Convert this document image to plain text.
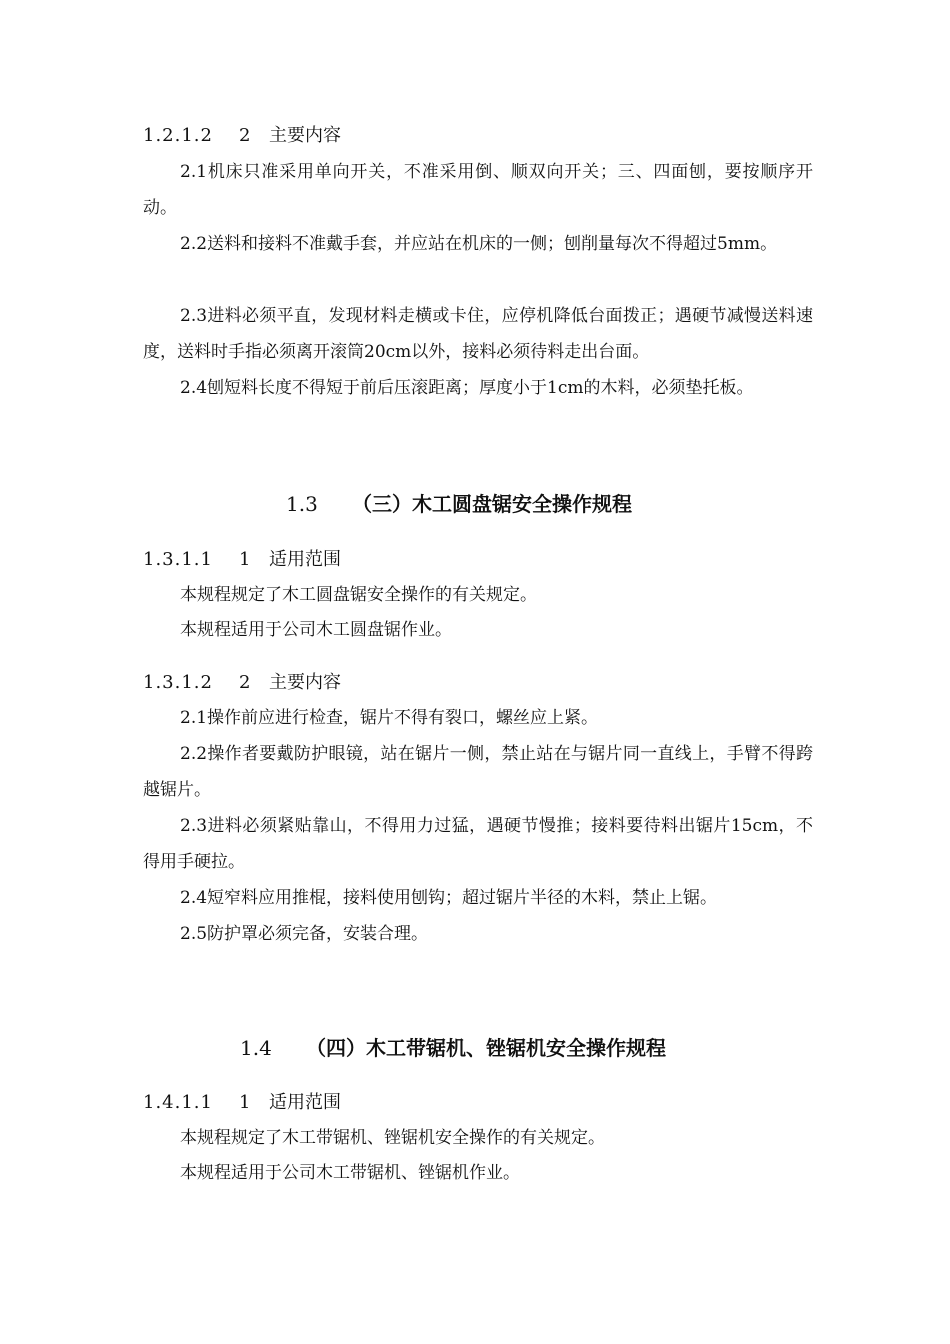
1.2.1.2 2 主要内容
2.1机床只准采用单向开关，不准采用倒、顺双向开关；三、四面刨，要按顺序开动。
2.2送料和接料不准戴手套，并应站在机床的一侧；刨削量每次不得超过5mm。
2.3进料必须平直，发现材料走横或卡住，应停机降低台面拨正；遇硬节减慢送料速度，送料时手指必须离开滚筒20cm以外，接料必须待料走出台面。
2.4刨短料长度不得短于前后压滚距离；厚度小于1cm的木料，必须垫托板。
1.3 （三）木工圆盘锯安全操作规程
1.3.1.1 1 适用范围
本规程规定了木工圆盘锯安全操作的有关规定。
本规程适用于公司木工圆盘锯作业。
1.3.1.2 2 主要内容
2.1操作前应进行检查，锯片不得有裂口，螺丝应上紧。
2.2操作者要戴防护眼镜，站在锯片一侧，禁止站在与锯片同一直线上，手臂不得跨越锯片。
2.3进料必须紧贴靠山，不得用力过猛，遇硬节慢推；接料要待料出锯片15cm，不得用手硬拉。
2.4短窄料应用推棍，接料使用刨钩；超过锯片半径的木料，禁止上锯。
2.5防护罩必须完备，安装合理。
1.4 （四）木工带锯机、锉锯机安全操作规程
1.4.1.1 1 适用范围
本规程规定了木工带锯机、锉锯机安全操作的有关规定。
本规程适用于公司木工带锯机、锉锯机作业。
